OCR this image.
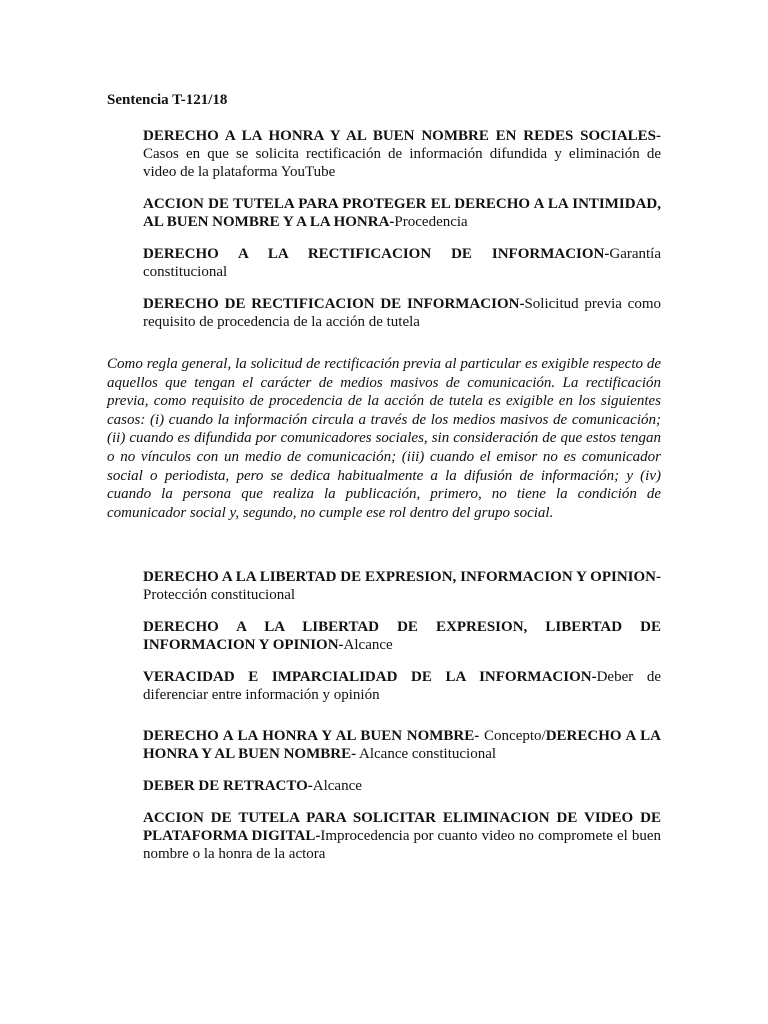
Sentencia T-121/18

DERECHO A LA HONRA Y AL BUEN NOMBRE EN REDES SOCIALES-Casos en que se solicita rectificación de información difundida y eliminación de video de la plataforma YouTube

ACCION DE TUTELA PARA PROTEGER EL DERECHO A LA INTIMIDAD, AL BUEN NOMBRE Y A LA HONRA-Procedencia

DERECHO A LA RECTIFICACION DE INFORMACION-Garantía constitucional

DERECHO DE RECTIFICACION DE INFORMACION-Solicitud previa como requisito de procedencia de la acción de tutela

Como regla general, la solicitud de rectificación previa al particular es exigible respecto de aquellos que tengan el carácter de medios masivos de comunicación. La rectificación previa, como requisito de procedencia de la acción de tutela es exigible en los siguientes casos: (i) cuando la información circula a través de los medios masivos de comunicación; (ii) cuando es difundida por comunicadores sociales, sin consideración de que estos tengan o no vínculos con un medio de comunicación; (iii) cuando el emisor no es comunicador social o periodista, pero se dedica habitualmente a la difusión de información; y (iv) cuando la persona que realiza la publicación, primero, no tiene la condición de comunicador social y, segundo, no cumple ese rol dentro del grupo social.

DERECHO A LA LIBERTAD DE EXPRESION, INFORMACION Y OPINION-Protección constitucional

DERECHO A LA LIBERTAD DE EXPRESION, LIBERTAD DE INFORMACION Y OPINION-Alcance

VERACIDAD E IMPARCIALIDAD DE LA INFORMACION-Deber de diferenciar entre información y opinión

DERECHO A LA HONRA Y AL BUEN NOMBRE- Concepto/DERECHO A LA HONRA Y AL BUEN NOMBRE- Alcance constitucional

DEBER DE RETRACTO-Alcance

ACCION DE TUTELA PARA SOLICITAR ELIMINACION DE VIDEO DE PLATAFORMA DIGITAL-Improcedencia por cuanto video no compromete el buen nombre o la honra de la actora
